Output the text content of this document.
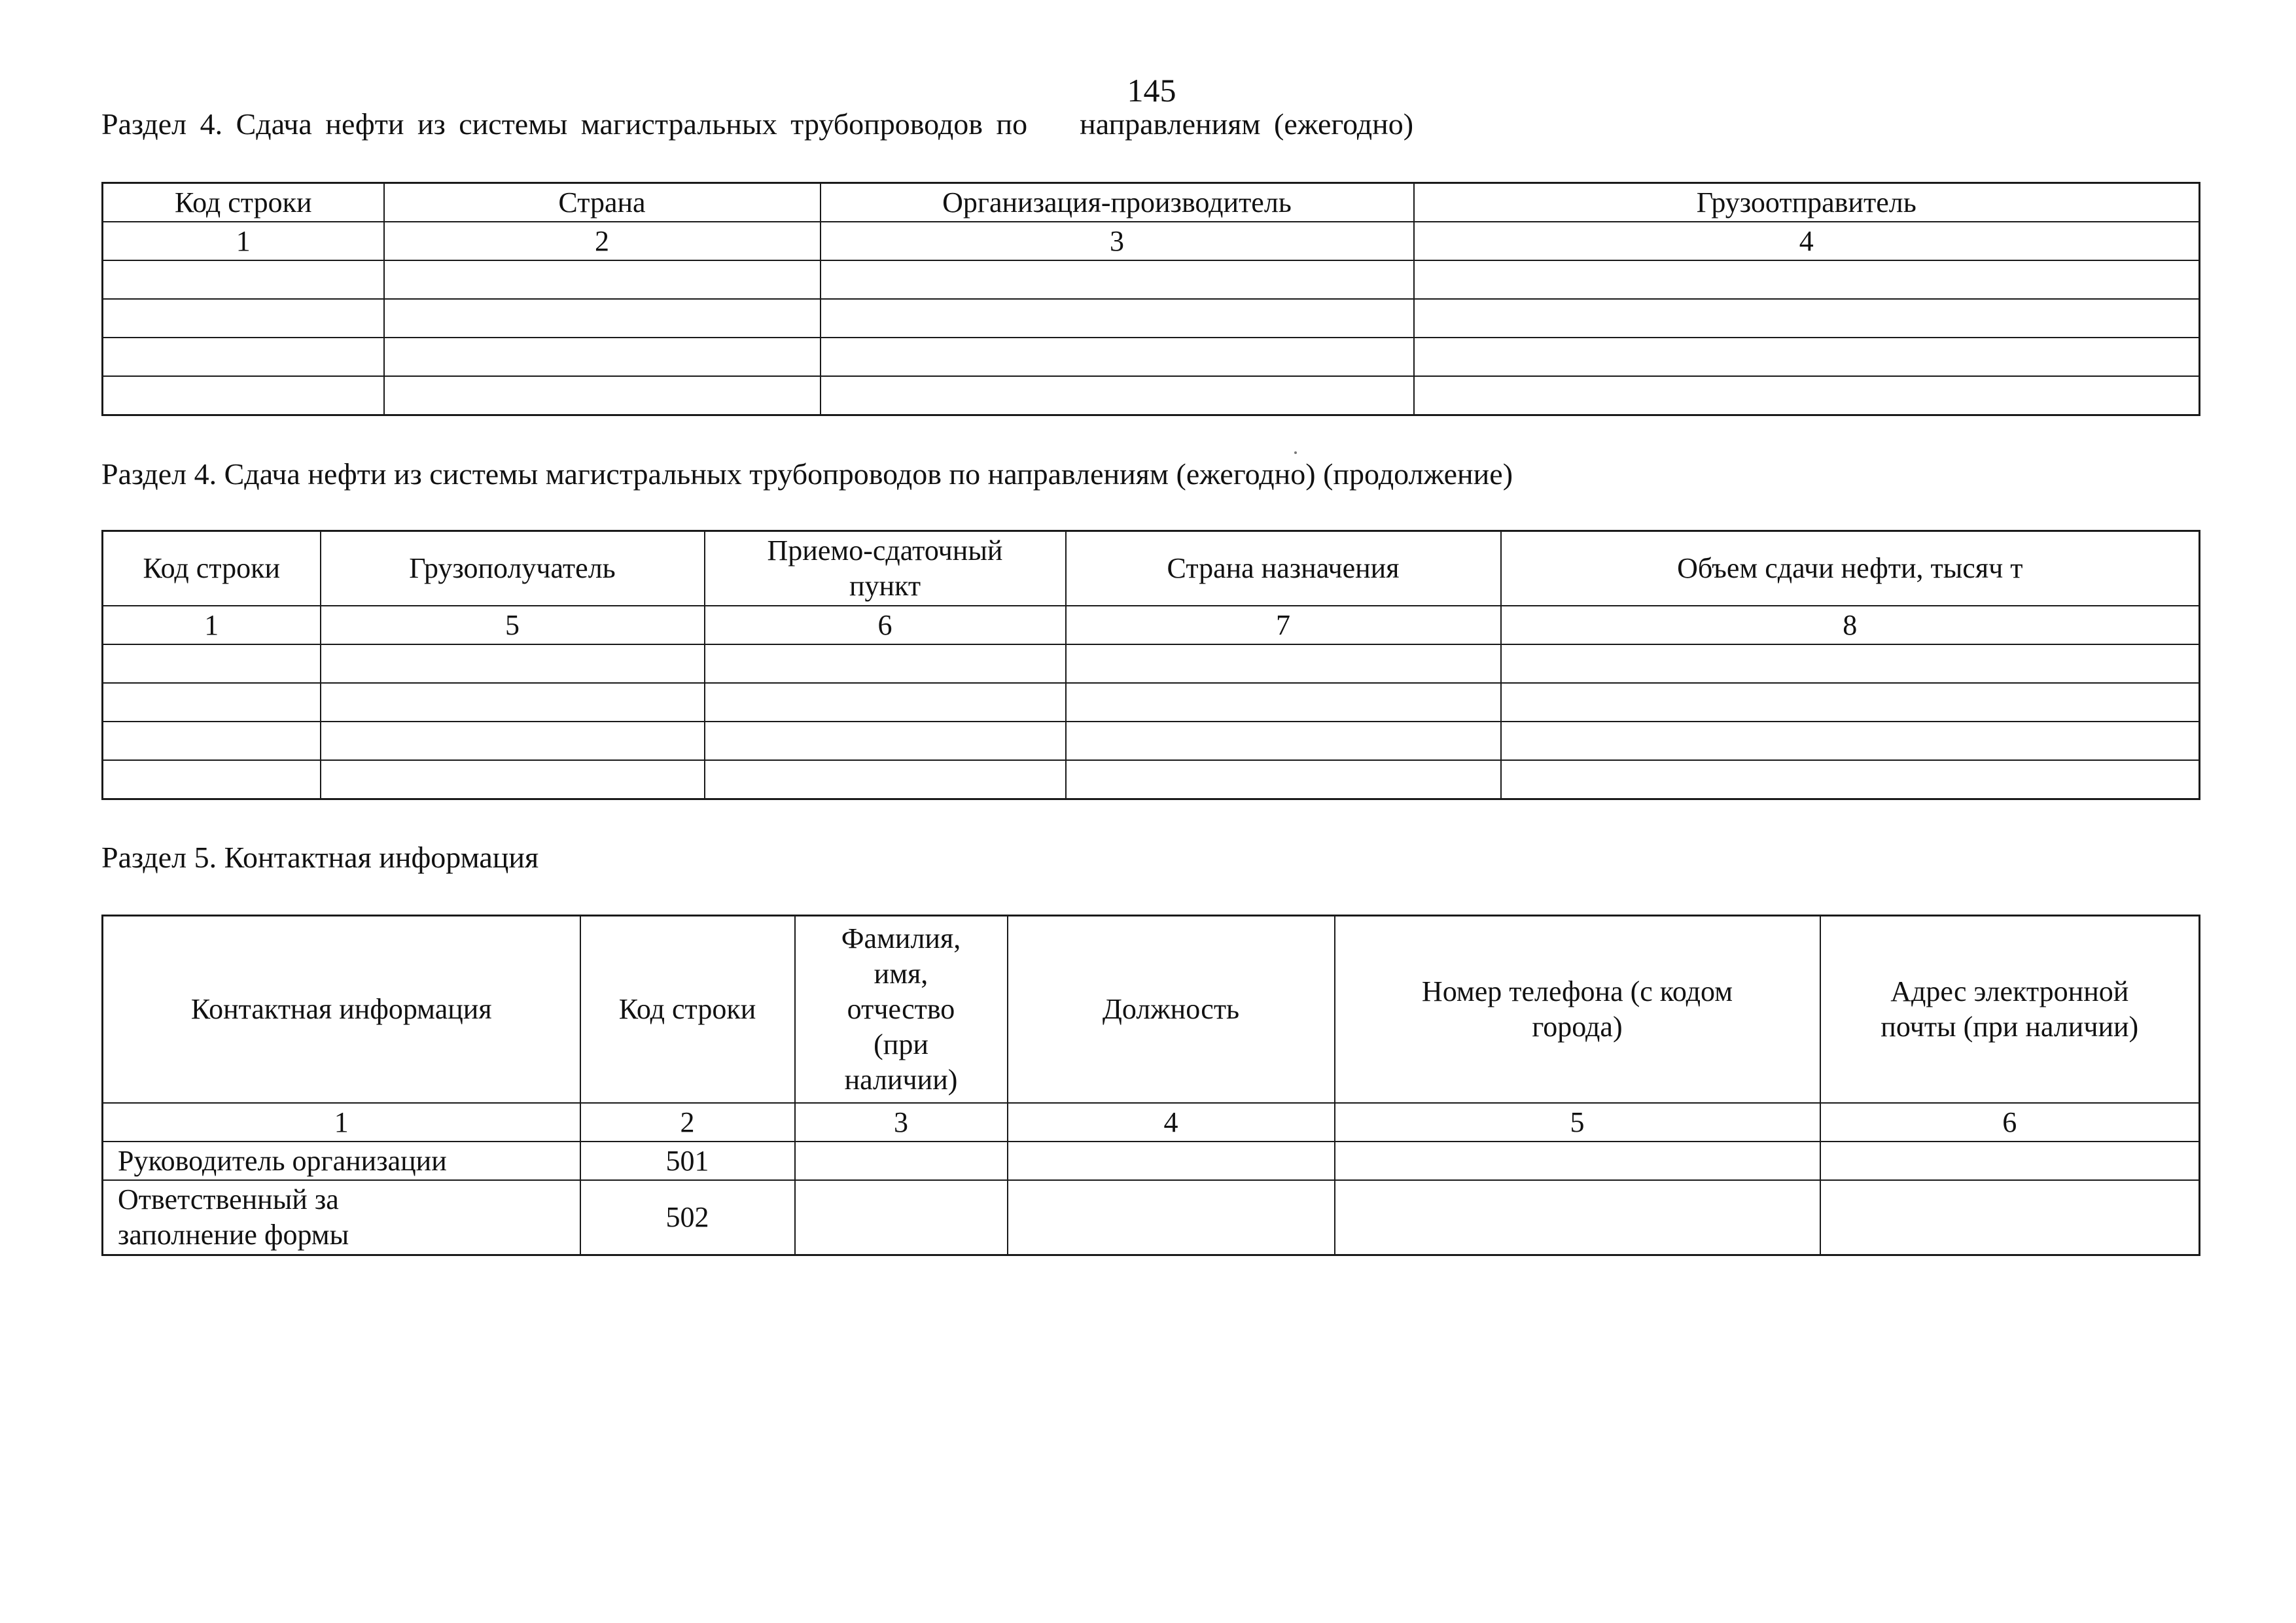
145
Раздел 4. Сдача нефти из системы магистральных трубопроводов по направлениям (ежегодно)
Код строки	Страна	Организация-производитель	Грузоотправитель
1	2	3	4

Раздел 4. Сдача нефти из системы магистральных трубопроводов по направлениям (ежегодно) (продолжение)
Код строки	Грузополучатель	Приемо-сдаточный пункт	Страна назначения	Объем сдачи нефти, тысяч т
1	5	6	7	8

Раздел 5. Контактная информация
Контактная информация	Код строки	Фамилия, имя, отчество (при наличии)	Должность	Номер телефона (с кодом города)	Адрес электронной почты (при наличии)
1	2	3	4	5	6
Руководитель организации	501				
Ответственный за заполнение формы	502				
